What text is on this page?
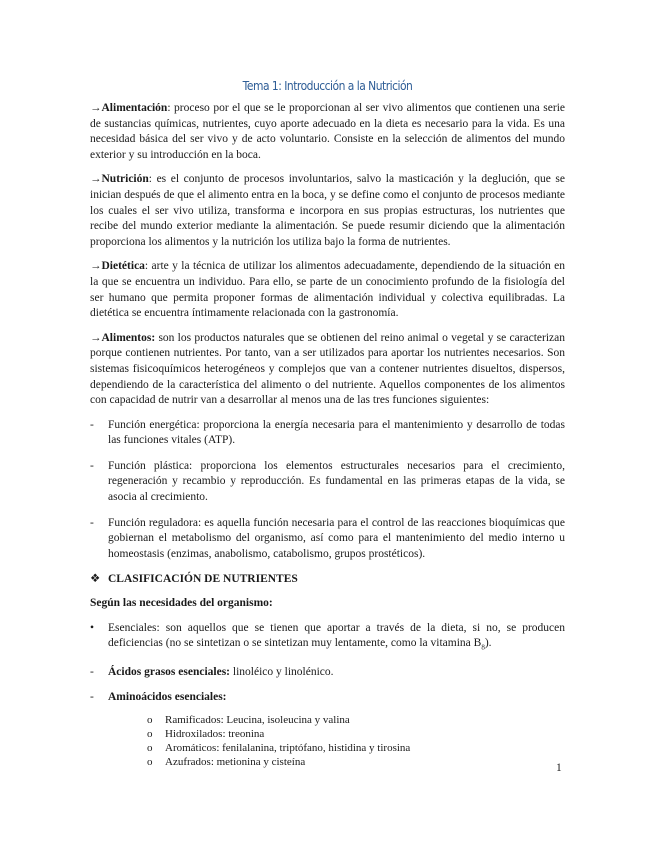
Tema 1: Introducción a la Nutrición

→Alimentación: proceso por el que se le proporcionan al ser vivo alimentos que contienen una serie de sustancias químicas, nutrientes, cuyo aporte adecuado en la dieta es necesario para la vida. Es una necesidad básica del ser vivo y de acto voluntario. Consiste en la selección de alimentos del mundo exterior y su introducción en la boca.

→Nutrición: es el conjunto de procesos involuntarios, salvo la masticación y la deglución, que se inician después de que el alimento entra en la boca, y se define como el conjunto de procesos mediante los cuales el ser vivo utiliza, transforma e incorpora en sus propias estructuras, los nutrientes que recibe del mundo exterior mediante la alimentación. Se puede resumir diciendo que la alimentación proporciona los alimentos y la nutrición los utiliza bajo la forma de nutrientes.

→Dietética: arte y la técnica de utilizar los alimentos adecuadamente, dependiendo de la situación en la que se encuentra un individuo. Para ello, se parte de un conocimiento profundo de la fisiología del ser humano que permita proponer formas de alimentación individual y colectiva equilibradas. La dietética se encuentra íntimamente relacionada con la gastronomía.

→Alimentos: son los productos naturales que se obtienen del reino animal o vegetal y se caracterizan porque contienen nutrientes. Por tanto, van a ser utilizados para aportar los nutrientes necesarios. Son sistemas fisicoquímicos heterogéneos y complejos que van a contener nutrientes disueltos, dispersos, dependiendo de la característica del alimento o del nutriente. Aquellos componentes de los alimentos con capacidad de nutrir van a desarrollar al menos una de las tres funciones siguientes:

- Función energética: proporciona la energía necesaria para el mantenimiento y desarrollo de todas las funciones vitales (ATP).
- Función plástica: proporciona los elementos estructurales necesarios para el crecimiento, regeneración y recambio y reproducción. Es fundamental en las primeras etapas de la vida, se asocia al crecimiento.
- Función reguladora: es aquella función necesaria para el control de las reacciones bioquímicas que gobiernan el metabolismo del organismo, así como para el mantenimiento del medio interno u homeostasis (enzimas, anabolismo, catabolismo, grupos prostéticos).
❖ CLASIFICACIÓN DE NUTRIENTES
Según las necesidades del organismo:
• Esenciales: son aquellos que se tienen que aportar a través de la dieta, si no, se producen deficiencias (no se sintetizan o se sintetizan muy lentamente, como la vitamina $B_8$).
- Ácidos grasos esenciales: linoléico y linolénico.
- Aminoácidos esenciales:
o Ramificados: Leucina, isoleucina y valina
o Hidroxilados: treonina
o Aromáticos: fenilalanina, triptófano, histidina y tirosina
o Azufrados: metionina y cisteína
1
